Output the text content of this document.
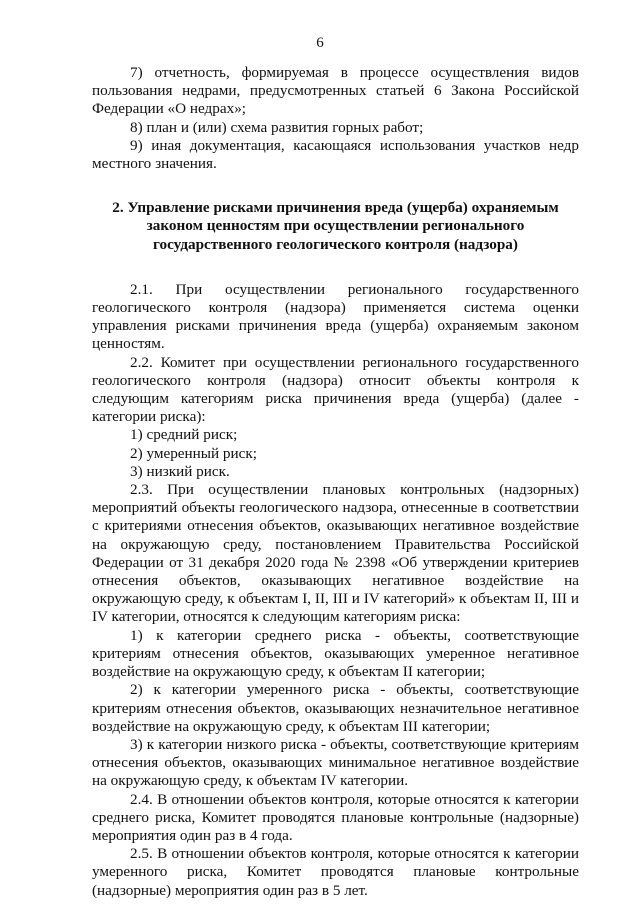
6

7) отчетность, формируемая в процессе осуществления видов пользования недрами, предусмотренных статьей 6 Закона Российской Федерации «О недрах»;

8) план и (или) схема развития горных работ;

9) иная документация, касающаяся использования участков недр местного значения.

2. Управление рисками причинения вреда (ущерба) охраняемым законом ценностям при осуществлении регионального государственного геологического контроля (надзора)

2.1. При осуществлении регионального государственного геологического контроля (надзора) применяется система оценки управления рисками причинения вреда (ущерба) охраняемым законом ценностям.

2.2. Комитет при осуществлении регионального государственного геологического контроля (надзора) относит объекты контроля к следующим категориям риска причинения вреда (ущерба) (далее - категории риска):

1) средний риск;

2) умеренный риск;

3) низкий риск.

2.3. При осуществлении плановых контрольных (надзорных) мероприятий объекты геологического надзора, отнесенные в соответствии с критериями отнесения объектов, оказывающих негативное воздействие на окружающую среду, постановлением Правительства Российской Федерации от 31 декабря 2020 года № 2398 «Об утверждении критериев отнесения объектов, оказывающих негативное воздействие на окружающую среду, к объектам I, II, III и IV категорий» к объектам II, III и IV категории, относятся к следующим категориям риска:

1) к категории среднего риска - объекты, соответствующие критериям отнесения объектов, оказывающих умеренное негативное воздействие на окружающую среду, к объектам II категории;

2) к категории умеренного риска - объекты, соответствующие критериям отнесения объектов, оказывающих незначительное негативное воздействие на окружающую среду, к объектам III категории;

3) к категории низкого риска - объекты, соответствующие критериям отнесения объектов, оказывающих минимальное негативное воздействие на окружающую среду, к объектам IV категории.

2.4. В отношении объектов контроля, которые относятся к категории среднего риска, Комитет проводятся плановые контрольные (надзорные) мероприятия один раз в 4 года.

2.5. В отношении объектов контроля, которые относятся к категории умеренного риска, Комитет проводятся плановые контрольные (надзорные) мероприятия один раз в 5 лет.
